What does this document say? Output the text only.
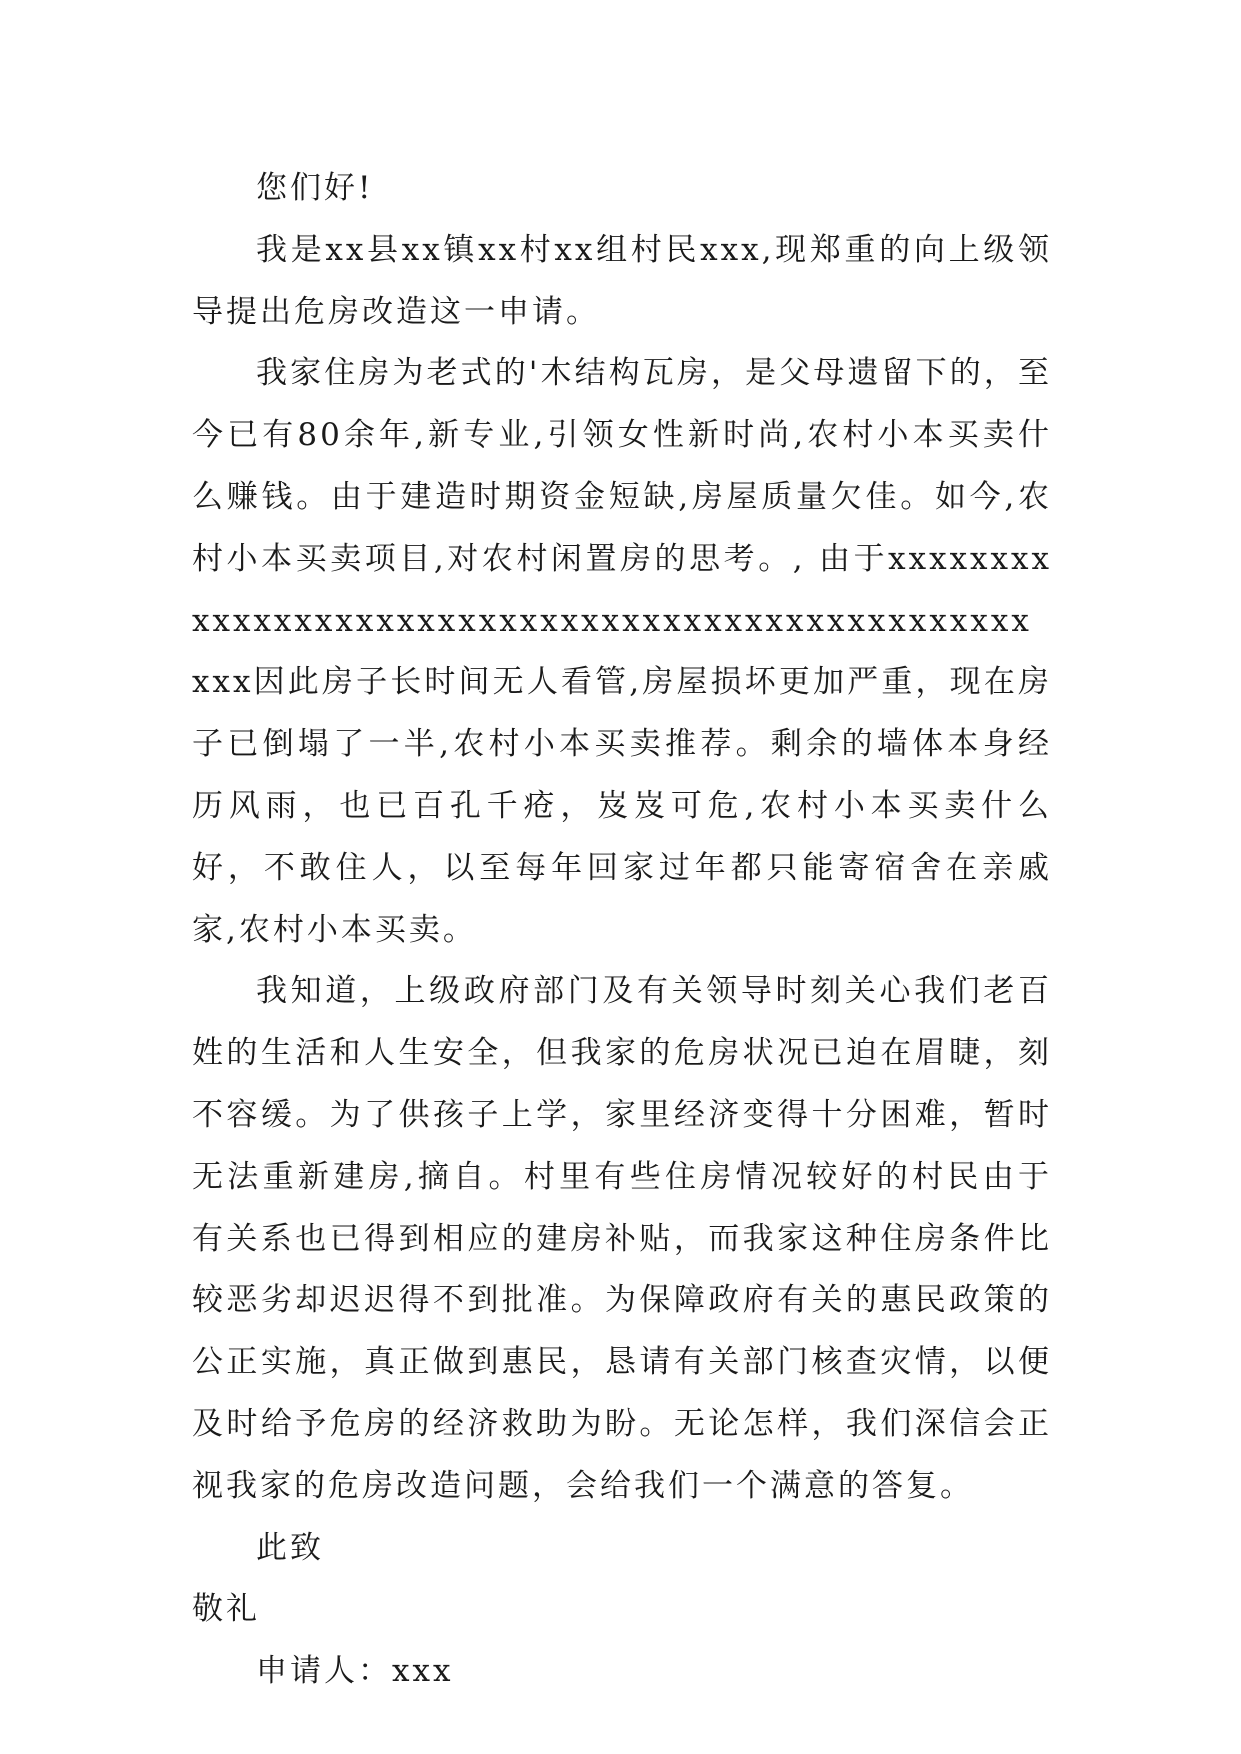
您们好!

我是xx县xx镇xx村xx组村民xxx,现郑重的向上级领导提出危房改造这一申请。

我家住房为老式的'木结构瓦房，是父母遗留下的，至今已有80余年,新专业,引领女性新时尚,农村小本买卖什么赚钱。由于建造时期资金短缺,房屋质量欠佳。如今,农村小本买卖项目,对农村闲置房的思考。, 由于xxxxxxxxxxxxxxxxxxxxxxxxxxxxxxxxxxxxxxxxxxxxxxxxxxxx因此房子长时间无人看管,房屋损坏更加严重，现在房子已倒塌了一半,农村小本买卖推荐。剩余的墙体本身经历风雨，也已百孔千疮，岌岌可危,农村小本买卖什么好，不敢住人，以至每年回家过年都只能寄宿舍在亲戚家,农村小本买卖。

我知道，上级政府部门及有关领导时刻关心我们老百姓的生活和人生安全，但我家的危房状况已迫在眉睫，刻不容缓。为了供孩子上学，家里经济变得十分困难，暂时无法重新建房,摘自。村里有些住房情况较好的村民由于有关系也已得到相应的建房补贴，而我家这种住房条件比较恶劣却迟迟得不到批准。为保障政府有关的惠民政策的公正实施，真正做到惠民，恳请有关部门核查灾情，以便及时给予危房的经济救助为盼。无论怎样，我们深信会正视我家的危房改造问题，会给我们一个满意的答复。

此致

敬礼

申请人：xxx
